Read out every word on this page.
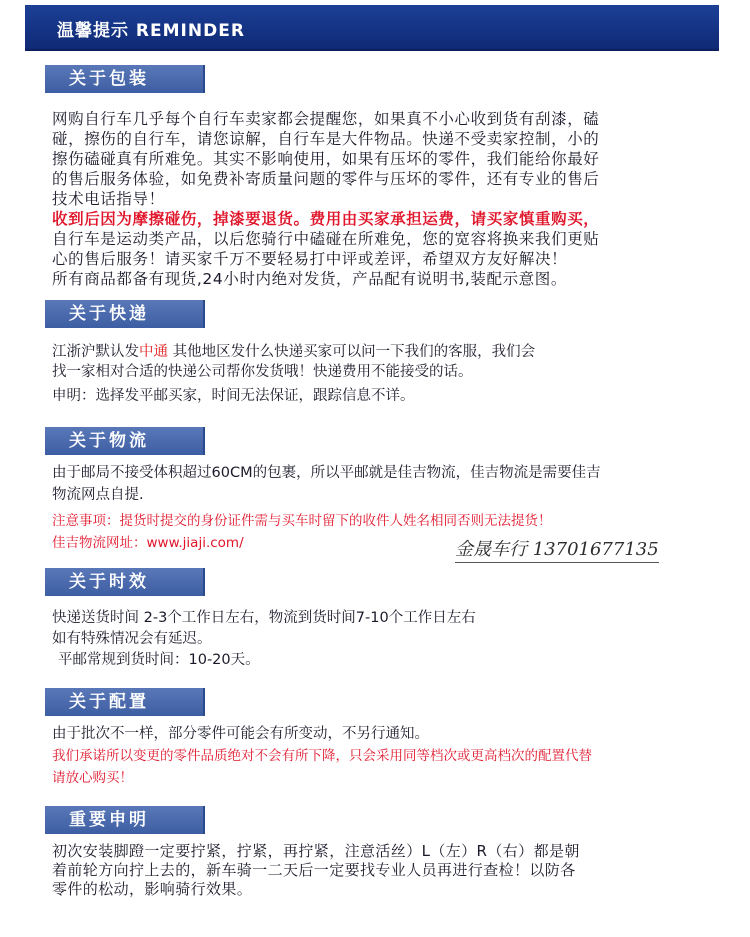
温馨提示 REMINDER
关于包装
网购自行车几乎每个自行车卖家都会提醒您，如果真不小心收到货有刮漆，磕
碰，擦伤的自行车，请您谅解，自行车是大件物品。快递不受卖家控制，小的
擦伤磕碰真有所难免。其实不影响使用，如果有压坏的零件，我们能给你最好
的售后服务体验，如免费补寄质量问题的零件与压坏的零件，还有专业的售后
技术电话指导！
收到后因为摩擦碰伤，掉漆要退货。费用由买家承担运费，请买家慎重购买，
自行车是运动类产品，以后您骑行中磕碰在所难免，您的宽容将换来我们更贴
心的售后服务！请买家千万不要轻易打中评或差评，希望双方友好解决！
所有商品都备有现货,24小时内绝对发货，产品配有说明书,装配示意图。
关于快递
江浙沪默认发中通 其他地区发什么快递买家可以问一下我们的客服，我们会
找一家相对合适的快递公司帮你发货哦！快递费用不能接受的话。
申明：选择发平邮买家，时间无法保证，跟踪信息不详。
关于物流
由于邮局不接受体积超过60CM的包裹，所以平邮就是佳吉物流，佳吉物流是需要佳吉
物流网点自提.
注意事项：提货时提交的身份证件需与买车时留下的收件人姓名相同否则无法提货！
佳吉物流网址：www.jiaji.com/	金晟车行 13701677135
关于时效
快递送货时间 2-3个工作日左右，物流到货时间7-10个工作日左右
如有特殊情况会有延迟。
平邮常规到货时间：10-20天。
关于配置
由于批次不一样，部分零件可能会有所变动，不另行通知。
我们承诺所以变更的零件品质绝对不会有所下降，只会采用同等档次或更高档次的配置代替
请放心购买！
重要申明
初次安装脚蹬一定要拧紧，拧紧，再拧紧，注意活丝）L（左）R（右）都是朝
着前轮方向拧上去的，新车骑一二天后一定要找专业人员再进行查检！以防各
零件的松动，影响骑行效果。
